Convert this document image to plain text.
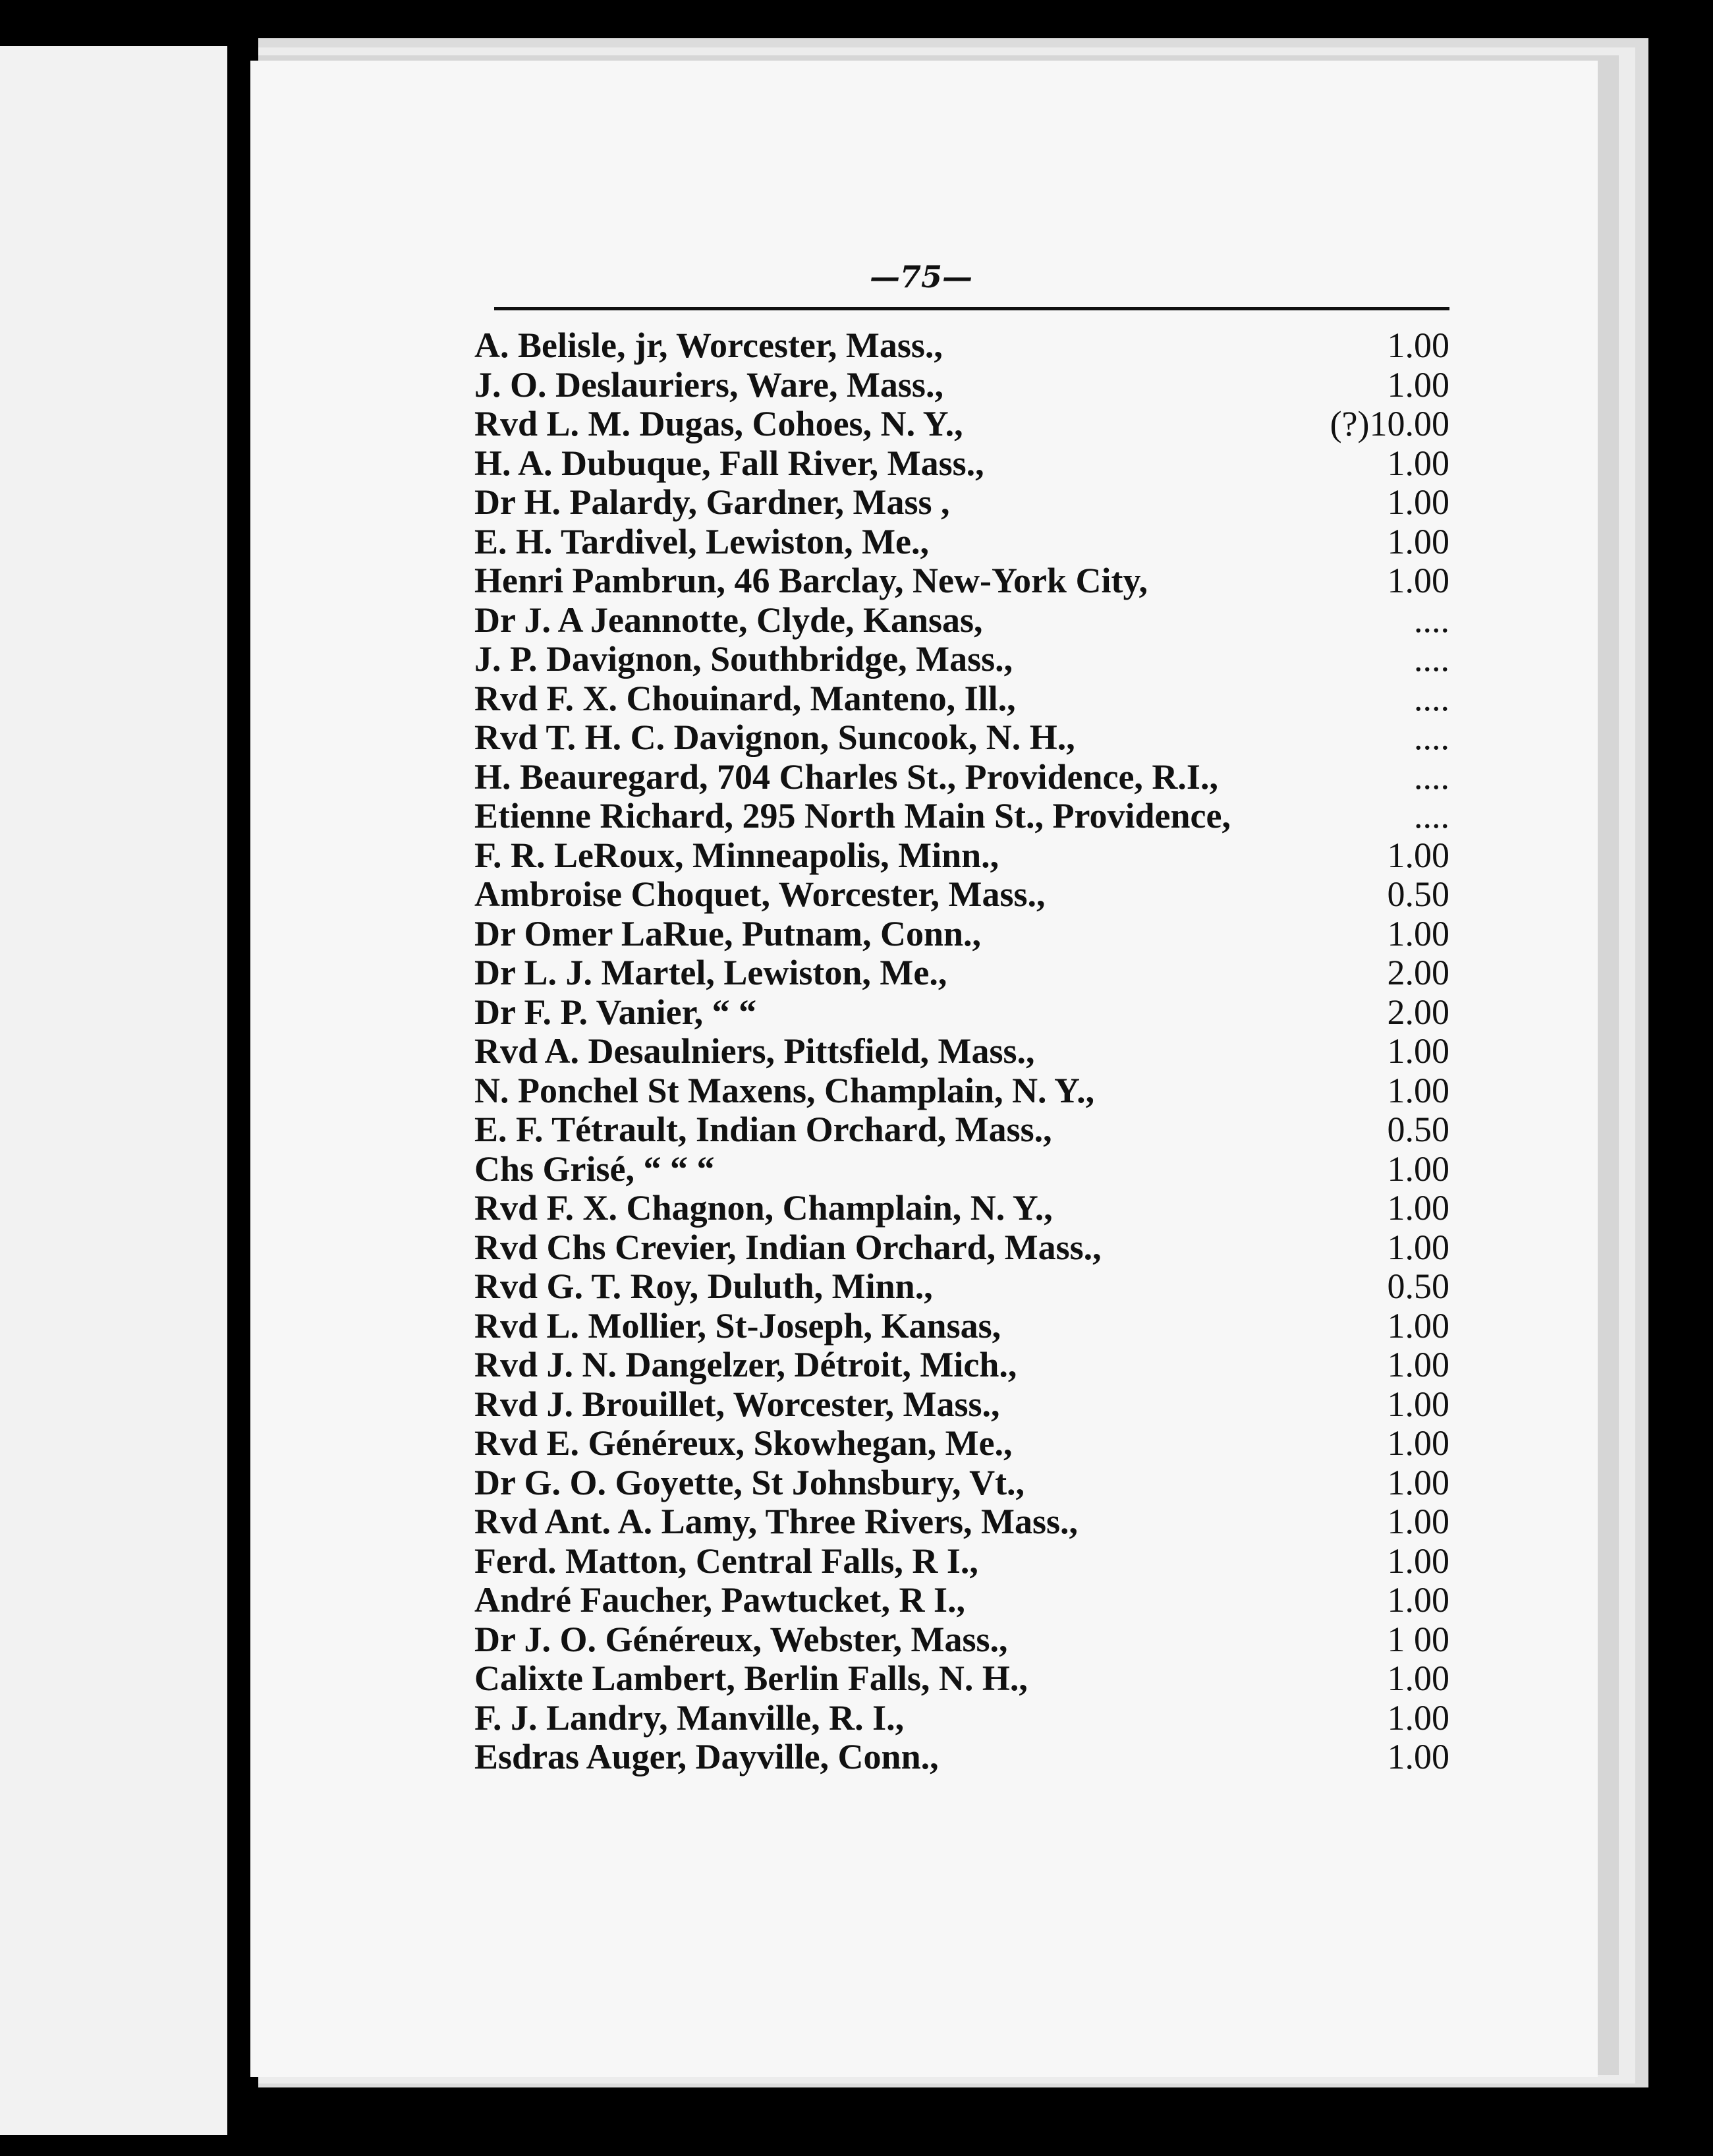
—75—
A. Belisle, jr, Worcester, Mass.,	1.00
J. O. Deslauriers, Ware, Mass.,	1.00
Rvd L. M. Dugas, Cohoes, N. Y.,	(?)10.00
H. A. Dubuque, Fall River, Mass.,	1.00
Dr H. Palardy, Gardner, Mass ,	1.00
E. H. Tardivel, Lewiston, Me.,	1.00
Henri Pambrun, 46 Barclay, New-York City,	1.00
Dr J. A Jeannotte, Clyde, Kansas,	....
J. P. Davignon, Southbridge, Mass.,	....
Rvd F. X. Chouinard, Manteno, Ill.,	....
Rvd T. H. C. Davignon, Suncook, N. H.,	....
H. Beauregard, 704 Charles St., Providence, R.I.,	....
Etienne Richard, 295 North Main St., Providence,	....
F. R. LeRoux, Minneapolis, Minn.,	1.00
Ambroise Choquet, Worcester, Mass.,	0.50
Dr Omer LaRue, Putnam, Conn.,	1.00
Dr L. J. Martel, Lewiston, Me.,	2.00
Dr F. P. Vanier, “ “	2.00
Rvd A. Desaulniers, Pittsfield, Mass.,	1.00
N. Ponchel St Maxens, Champlain, N. Y.,	1.00
E. F. Tétrault, Indian Orchard, Mass.,	0.50
Chs Grisé, “ “ “	1.00
Rvd F. X. Chagnon, Champlain, N. Y.,	1.00
Rvd Chs Crevier, Indian Orchard, Mass.,	1.00
Rvd G. T. Roy, Duluth, Minn.,	0.50
Rvd L. Mollier, St-Joseph, Kansas,	1.00
Rvd J. N. Dangelzer, Détroit, Mich.,	1.00
Rvd J. Brouillet, Worcester, Mass.,	1.00
Rvd E. Généreux, Skowhegan, Me.,	1.00
Dr G. O. Goyette, St Johnsbury, Vt.,	1.00
Rvd Ant. A. Lamy, Three Rivers, Mass.,	1.00
Ferd. Matton, Central Falls, R I.,	1.00
André Faucher, Pawtucket, R I.,	1.00
Dr J. O. Généreux, Webster, Mass.,	1 00
Calixte Lambert, Berlin Falls, N. H.,	1.00
F. J. Landry, Manville, R. I.,	1.00
Esdras Auger, Dayville, Conn.,	1.00
